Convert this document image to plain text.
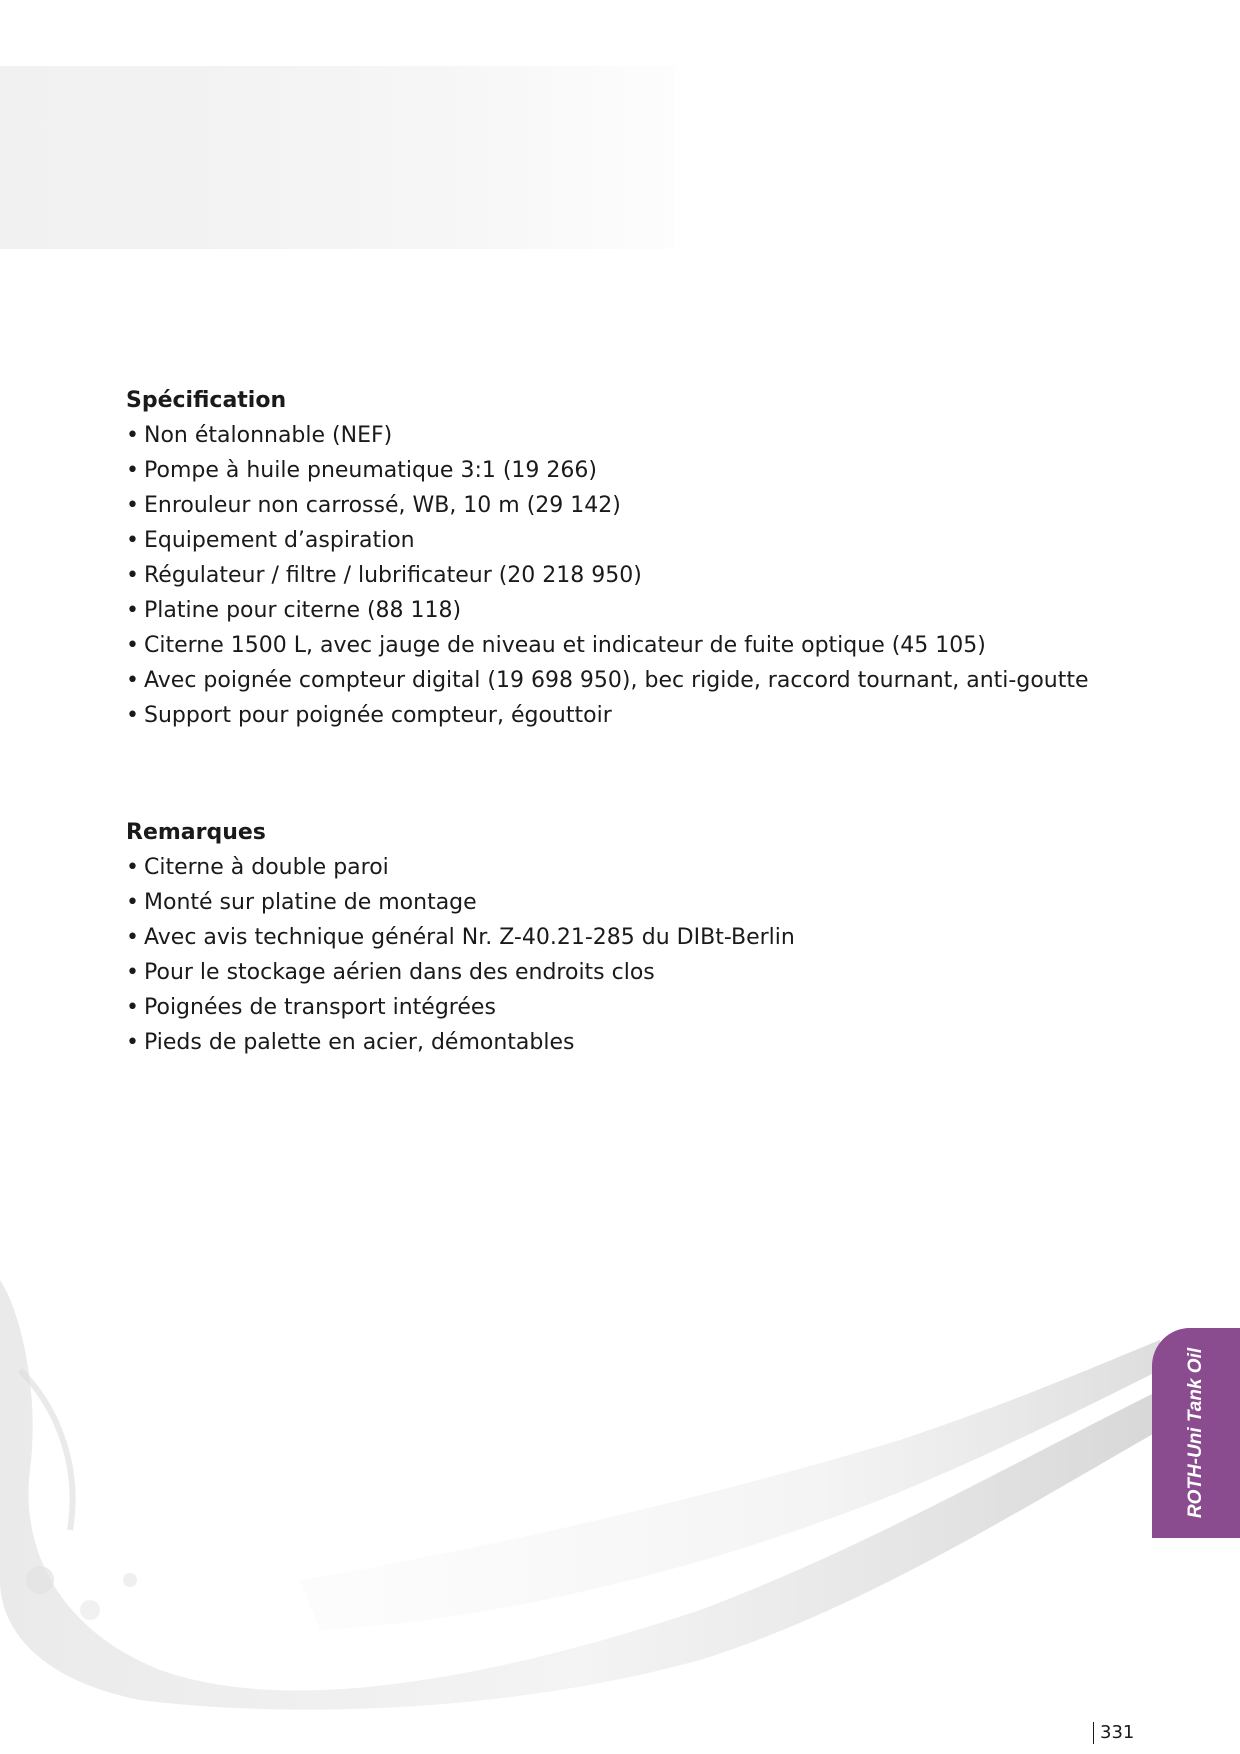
Spécification
• Non étalonnable (NEF)
• Pompe à huile pneumatique 3:1 (19 266)
• Enrouleur non carrossé, WB, 10 m (29 142)
• Equipement d’aspiration
• Régulateur / filtre / lubrificateur (20 218 950)
• Platine pour citerne (88 118)
• Citerne 1500 L, avec jauge de niveau et indicateur de fuite optique (45 105)
• Avec poignée compteur digital (19 698 950), bec rigide, raccord tournant, anti-goutte
• Support pour poignée compteur, égouttoir
Remarques
• Citerne à double paroi
• Monté sur platine de montage
• Avec avis technique général Nr. Z-40.21-285 du DIBt-Berlin
• Pour le stockage aérien dans des endroits clos
• Poignées de transport intégrées
• Pieds de palette en acier, démontables
ROTH-Uni Tank Oil
331
